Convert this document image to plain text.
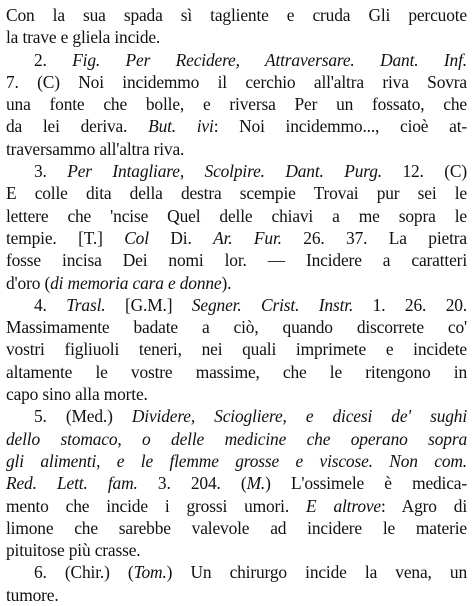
Con la sua spada sì tagliente e cruda Gli percuote
la trave e gliela incide.
2. Fig. Per Recidere, Attraversare. Dant. Inf.
7. (C) Noi incidemmo il cerchio all'altra riva Sovra
una fonte che bolle, e riversa Per un fossato, che
da lei deriva. But. ivi: Noi incidemmo..., cioè at-
traversammo all'altra riva.
3. Per Intagliare, Scolpire. Dant. Purg. 12. (C)
E colle dita della destra scempie Trovai pur sei le
lettere che 'ncise Quel delle chiavi a me sopra le
tempie. [T.] Col Di. Ar. Fur. 26. 37. La pietra
fosse incisa Dei nomi lor. — Incidere a caratteri
d'oro (di memoria cara e donne).
4. Trasl. [G.M.] Segner. Crist. Instr. 1. 26. 20.
Massimamente badate a ciò, quando discorrete co'
vostri figliuoli teneri, nei quali imprimete e incidete
altamente le vostre massime, che le ritengono in
capo sino alla morte.
5. (Med.) Dividere, Sciogliere, e dicesi de' sughi
dello stomaco, o delle medicine che operano sopra
gli alimenti, e le flemme grosse e viscose. Non com.
Red. Lett. fam. 3. 204. (M.) L'ossimele è medica-
mento che incide i grossi umori. E altrove: Agro di
limone che sarebbe valevole ad incidere le materie
pituitose più crasse.
6. (Chir.) (Tom.) Un chirurgo incide la vena, un
tumore.
